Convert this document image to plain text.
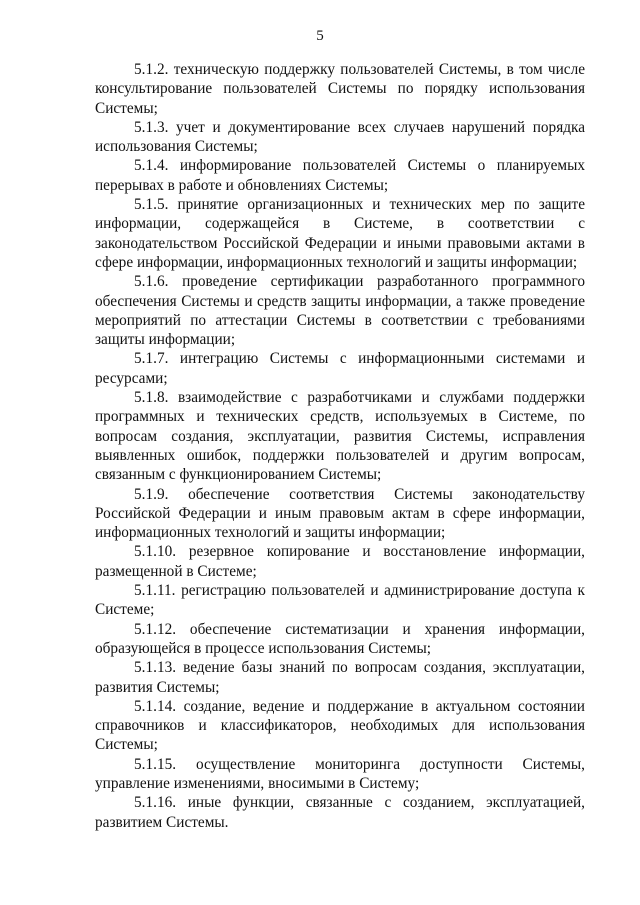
5

5.1.2. техническую поддержку пользователей Системы, в том числе консультирование пользователей Системы по порядку использования Системы;

5.1.3. учет и документирование всех случаев нарушений порядка использования Системы;

5.1.4. информирование пользователей Системы о планируемых перерывах в работе и обновлениях Системы;

5.1.5. принятие организационных и технических мер по защите информации, содержащейся в Системе, в соответствии с законодательством Российской Федерации и иными правовыми актами в сфере информации, информационных технологий и защиты информации;

5.1.6. проведение сертификации разработанного программного обеспечения Системы и средств защиты информации, а также проведение мероприятий по аттестации Системы в соответствии с требованиями защиты информации;

5.1.7. интеграцию Системы с информационными системами и ресурсами;

5.1.8. взаимодействие с разработчиками и службами поддержки программных и технических средств, используемых в Системе, по вопросам создания, эксплуатации, развития Системы, исправления выявленных ошибок, поддержки пользователей и другим вопросам, связанным с функционированием Системы;

5.1.9. обеспечение соответствия Системы законодательству Российской Федерации и иным правовым актам в сфере информации, информационных технологий и защиты информации;

5.1.10. резервное копирование и восстановление информации, размещенной в Системе;

5.1.11. регистрацию пользователей и администрирование доступа к Системе;

5.1.12. обеспечение систематизации и хранения информации, образующейся в процессе использования Системы;

5.1.13. ведение базы знаний по вопросам создания, эксплуатации, развития Системы;

5.1.14. создание, ведение и поддержание в актуальном состоянии справочников и классификаторов, необходимых для использования Системы;

5.1.15. осуществление мониторинга доступности Системы, управление изменениями, вносимыми в Систему;

5.1.16. иные функции, связанные с созданием, эксплуатацией, развитием Системы.
